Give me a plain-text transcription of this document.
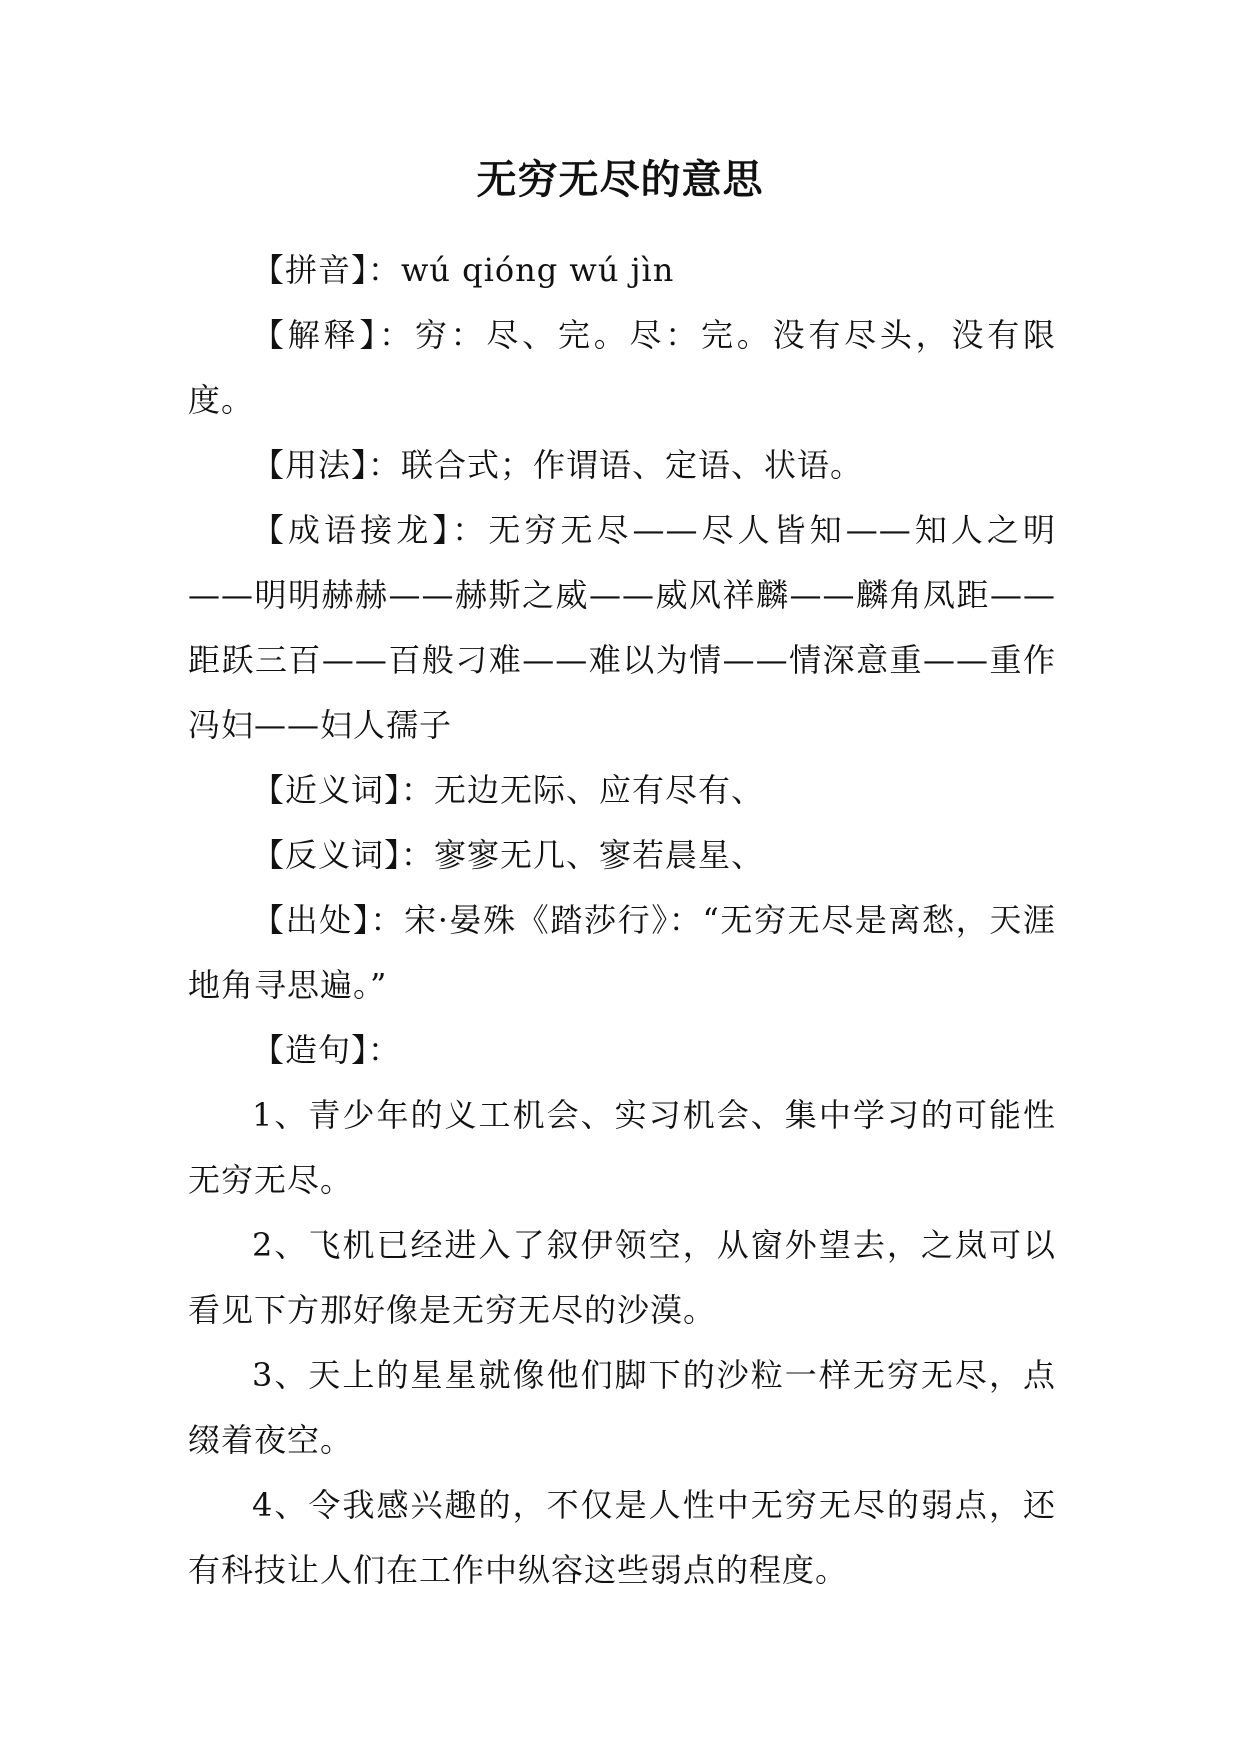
无穷无尽的意思

【拼音】：wú qióng wú jìn

【解释】：穷：尽、完。尽：完。没有尽头，没有限度。

【用法】：联合式；作谓语、定语、状语。

【成语接龙】：无穷无尽——尽人皆知——知人之明——明明赫赫——赫斯之威——威风祥麟——麟角凤距——距跃三百——百般刁难——难以为情——情深意重——重作冯妇——妇人孺子

【近义词】：无边无际、应有尽有、

【反义词】：寥寥无几、寥若晨星、

【出处】：宋·晏殊《踏莎行》：“无穷无尽是离愁，天涯地角寻思遍。”

【造句】：

1、青少年的义工机会、实习机会、集中学习的可能性无穷无尽。

2、飞机已经进入了叙伊领空，从窗外望去，之岚可以看见下方那好像是无穷无尽的沙漠。

3、天上的星星就像他们脚下的沙粒一样无穷无尽，点缀着夜空。

4、令我感兴趣的，不仅是人性中无穷无尽的弱点，还有科技让人们在工作中纵容这些弱点的程度。
